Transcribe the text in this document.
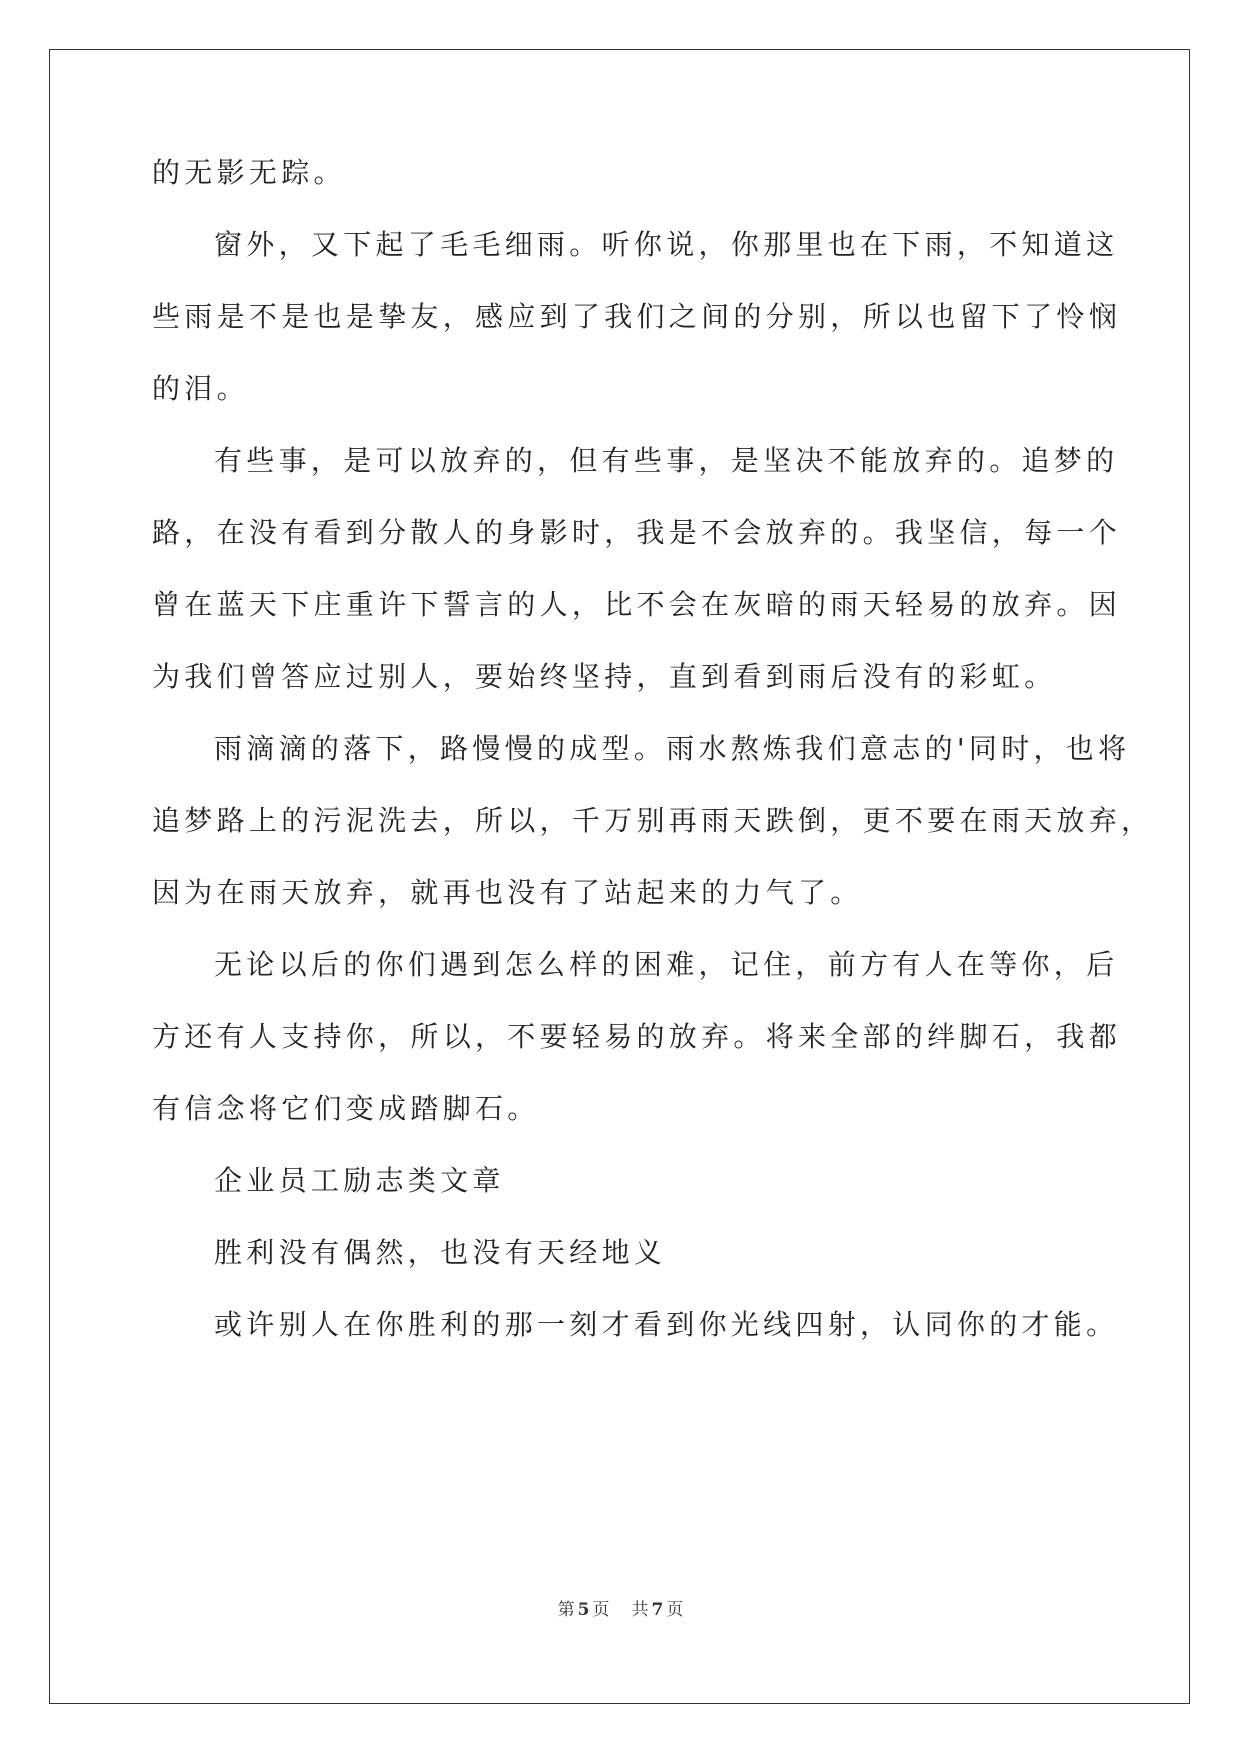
的无影无踪。
窗外，又下起了毛毛细雨。听你说，你那里也在下雨，不知道这
些雨是不是也是挚友，感应到了我们之间的分别，所以也留下了怜悯
的泪。
有些事，是可以放弃的，但有些事，是坚决不能放弃的。追梦的
路，在没有看到分散人的身影时，我是不会放弃的。我坚信，每一个
曾在蓝天下庄重许下誓言的人，比不会在灰暗的雨天轻易的放弃。因
为我们曾答应过别人，要始终坚持，直到看到雨后没有的彩虹。
雨滴滴的落下，路慢慢的成型。雨水熬炼我们意志的'同时，也将
追梦路上的污泥洗去，所以，千万别再雨天跌倒，更不要在雨天放弃，
因为在雨天放弃，就再也没有了站起来的力气了。
无论以后的你们遇到怎么样的困难，记住，前方有人在等你，后
方还有人支持你，所以，不要轻易的放弃。将来全部的绊脚石，我都
有信念将它们变成踏脚石。
企业员工励志类文章
胜利没有偶然，也没有天经地义
或许别人在你胜利的那一刻才看到你光线四射，认同你的才能。
第 5 页 共 7 页
